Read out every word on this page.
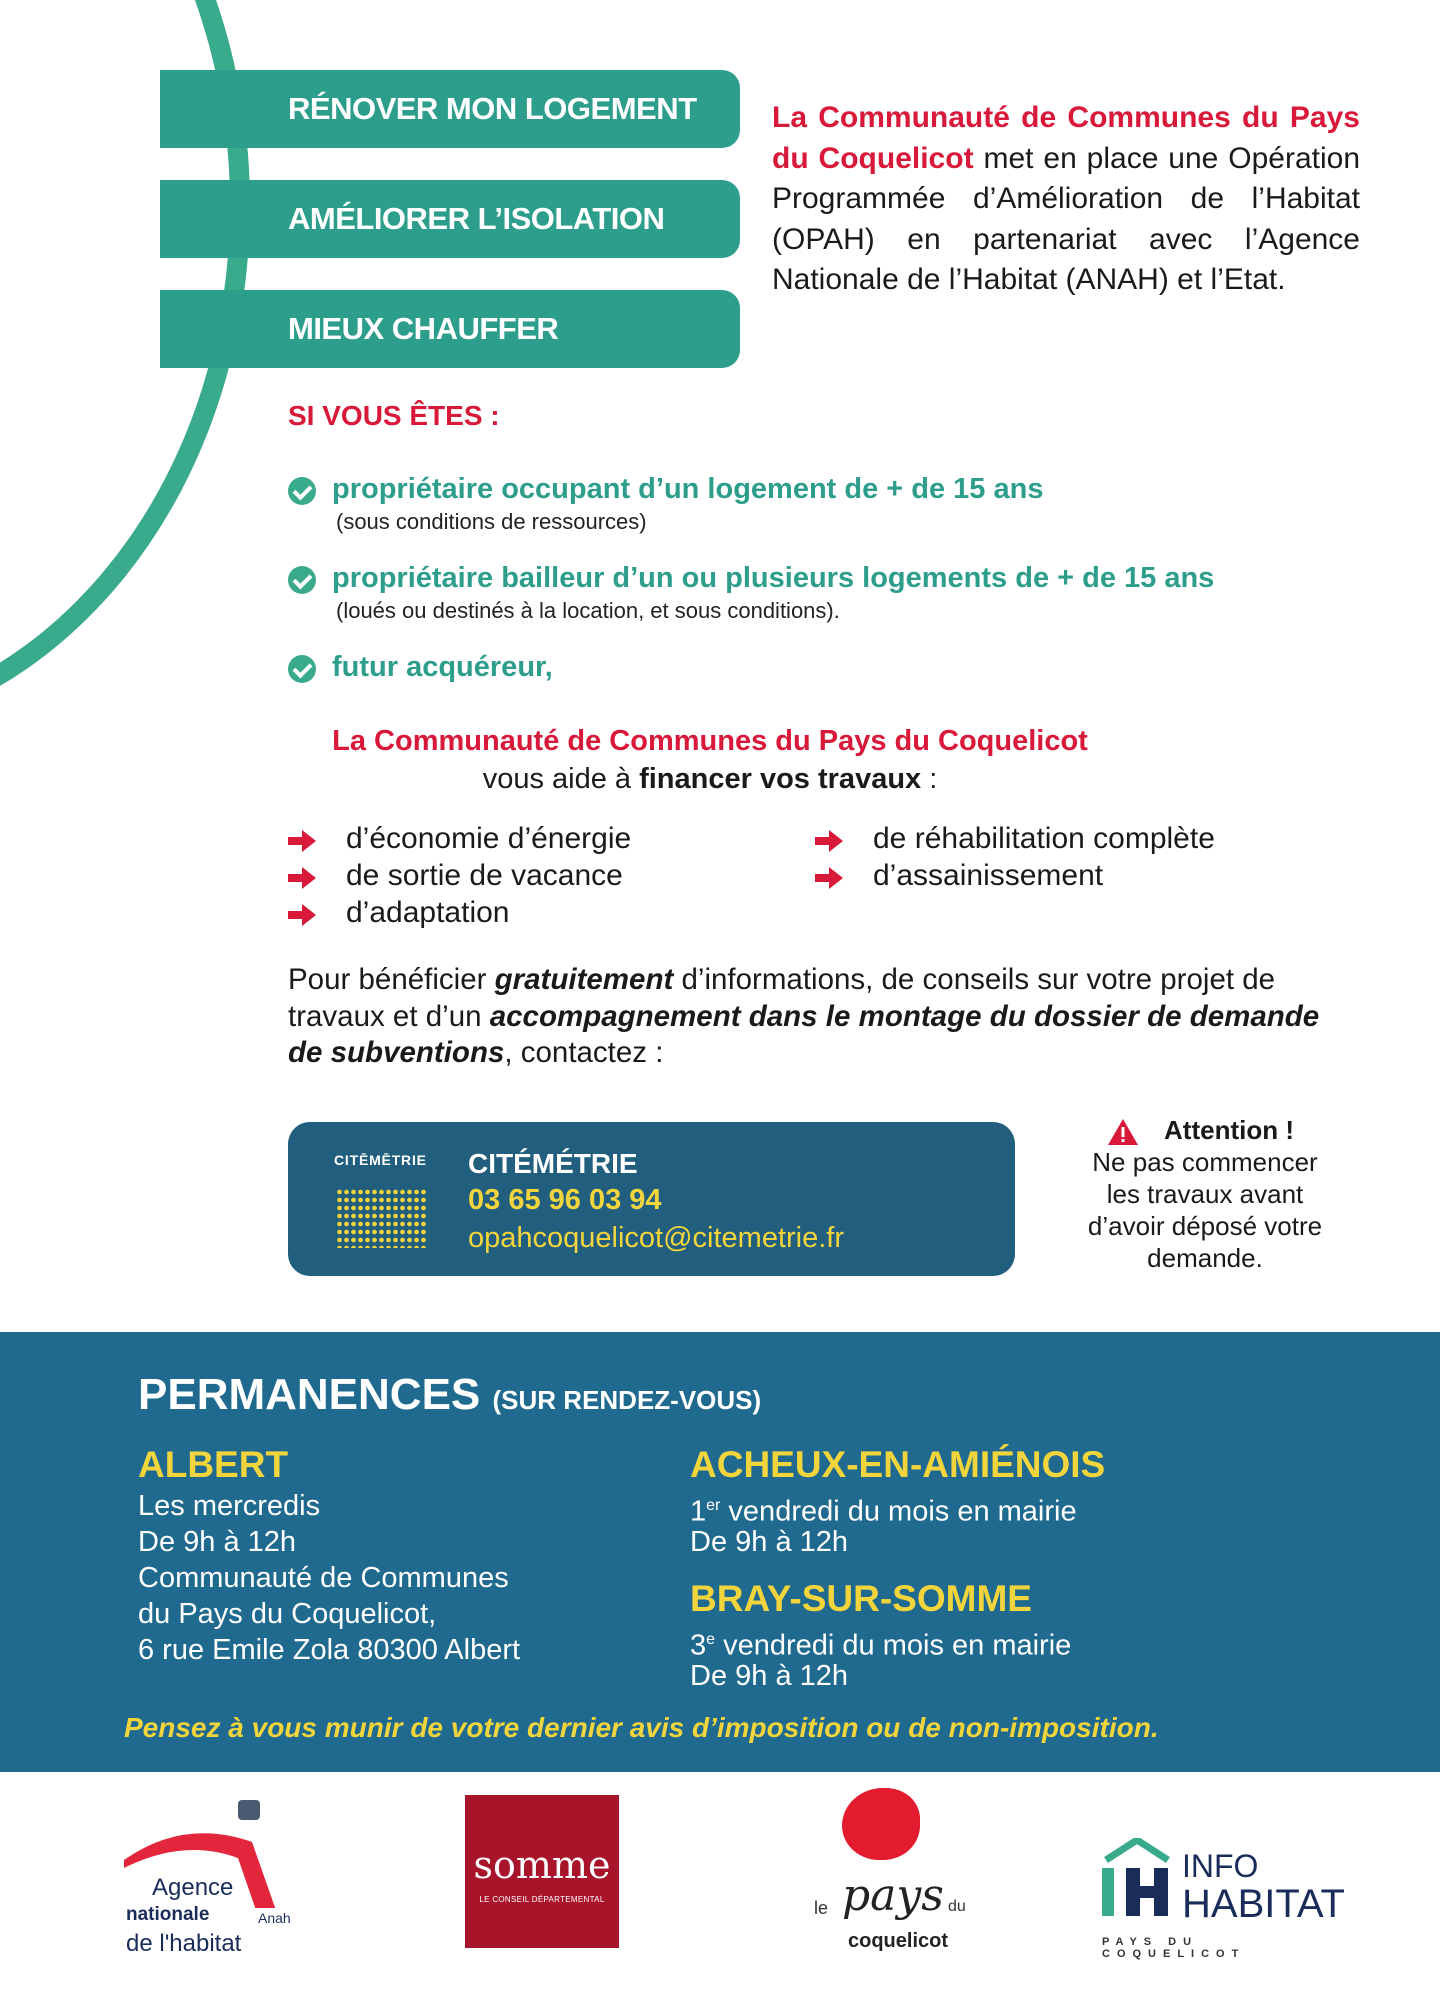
RÉNOVER MON LOGEMENT
AMÉLIORER L’ISOLATION
MIEUX CHAUFFER
La Communauté de Communes du Pays du Coquelicot met en place une Opération Programmée d’Amélioration de l’Habitat (OPAH) en partenariat avec l’Agence Nationale de l’Habitat (ANAH) et l’Etat.
SI VOUS ÊTES :
propriétaire occupant d’un logement de + de 15 ans
(sous conditions de ressources)
propriétaire bailleur d’un ou plusieurs logements de + de 15 ans
(loués ou destinés à la location, et sous conditions).
futur acquéreur,
La Communauté de Communes du Pays du Coquelicot
vous aide à financer vos travaux :
d’économie d’énergie
de sortie de vacance
d’adaptation
de réhabilitation complète
d’assainissement
Pour bénéficier gratuitement d’informations, de conseils sur votre projet de travaux et d’un accompagnement dans le montage du dossier de demande de subventions, contactez :
CITĒMĒTRIE CITÉMÉTRIE
03 65 96 03 94
opahcoquelicot@citemetrie.fr
Attention !
Ne pas commencer
les travaux avant
d’avoir déposé votre
demande.
PERMANENCES (SUR RENDEZ-VOUS)
ALBERT
Les mercredis
De 9h à 12h
Communauté de Communes
du Pays du Coquelicot,
6 rue Emile Zola 80300 Albert
ACHEUX-EN-AMIÉNOIS
1er vendredi du mois en mairie
De 9h à 12h
BRAY-SUR-SOMME
3e vendredi du mois en mairie
De 9h à 12h
Pensez à vous munir de votre dernier avis d’imposition ou de non-imposition.
Agence
nationale
de l'habitat
Anah
somme
LE CONSEIL DÉPARTEMENTAL	le pays du
coquelicot
INFO
HABITAT
PAYS DU COQUELICOT
